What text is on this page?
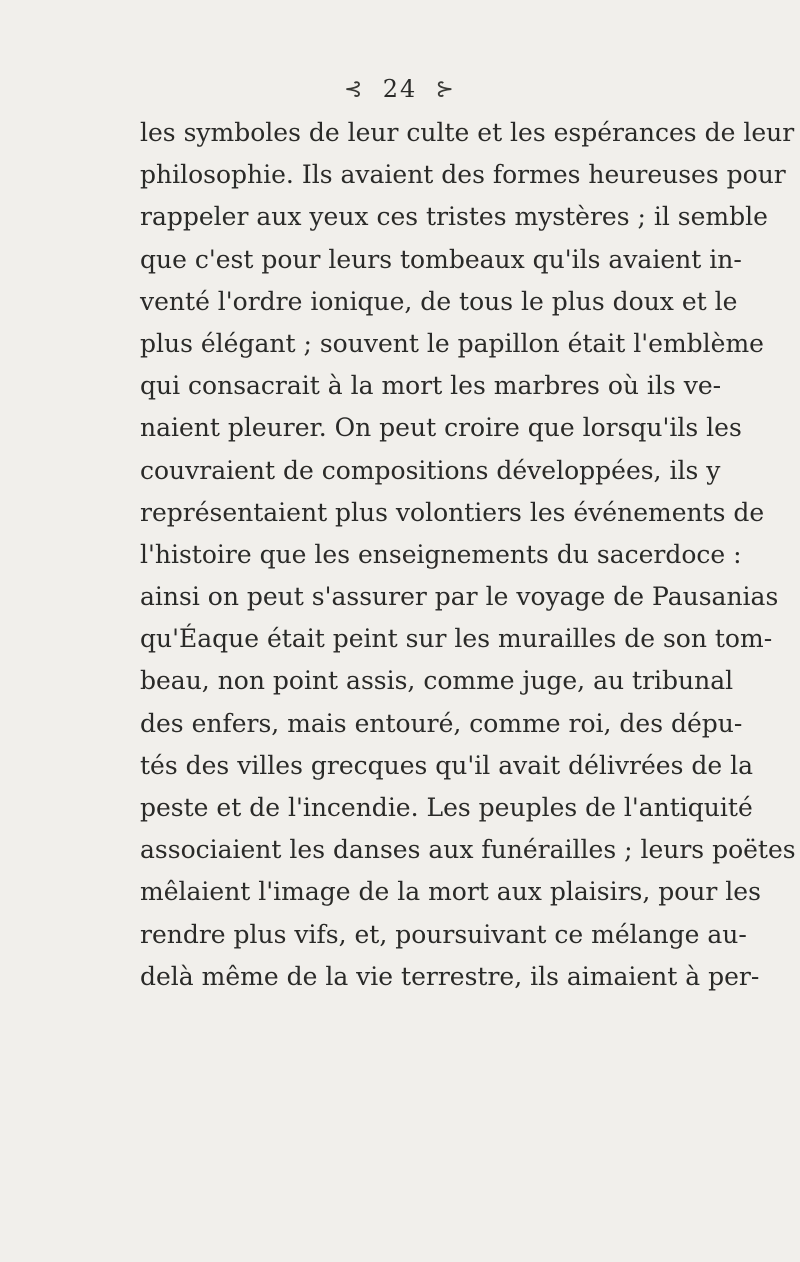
⊰ 24 ⊱
les symboles de leur culte et les espérances de leur
philosophie. Ils avaient des formes heureuses pour
rappeler aux yeux ces tristes mystères ; il semble
que c'est pour leurs tombeaux qu'ils avaient in-
venté l'ordre ionique, de tous le plus doux et le
plus élégant ; souvent le papillon était l'emblème
qui consacrait à la mort les marbres où ils ve-
naient pleurer. On peut croire que lorsqu'ils les
couvraient de compositions développées, ils y
représentaient plus volontiers les événements de
l'histoire que les enseignements du sacerdoce :
ainsi on peut s'assurer par le voyage de Pausanias
qu'Éaque était peint sur les murailles de son tom-
beau, non point assis, comme juge, au tribunal
des enfers, mais entouré, comme roi, des dépu-
tés des villes grecques qu'il avait délivrées de la
peste et de l'incendie. Les peuples de l'antiquité
associaient les danses aux funérailles ; leurs poëtes
mêlaient l'image de la mort aux plaisirs, pour les
rendre plus vifs, et, poursuivant ce mélange au-
delà même de la vie terrestre, ils aimaient à per-
